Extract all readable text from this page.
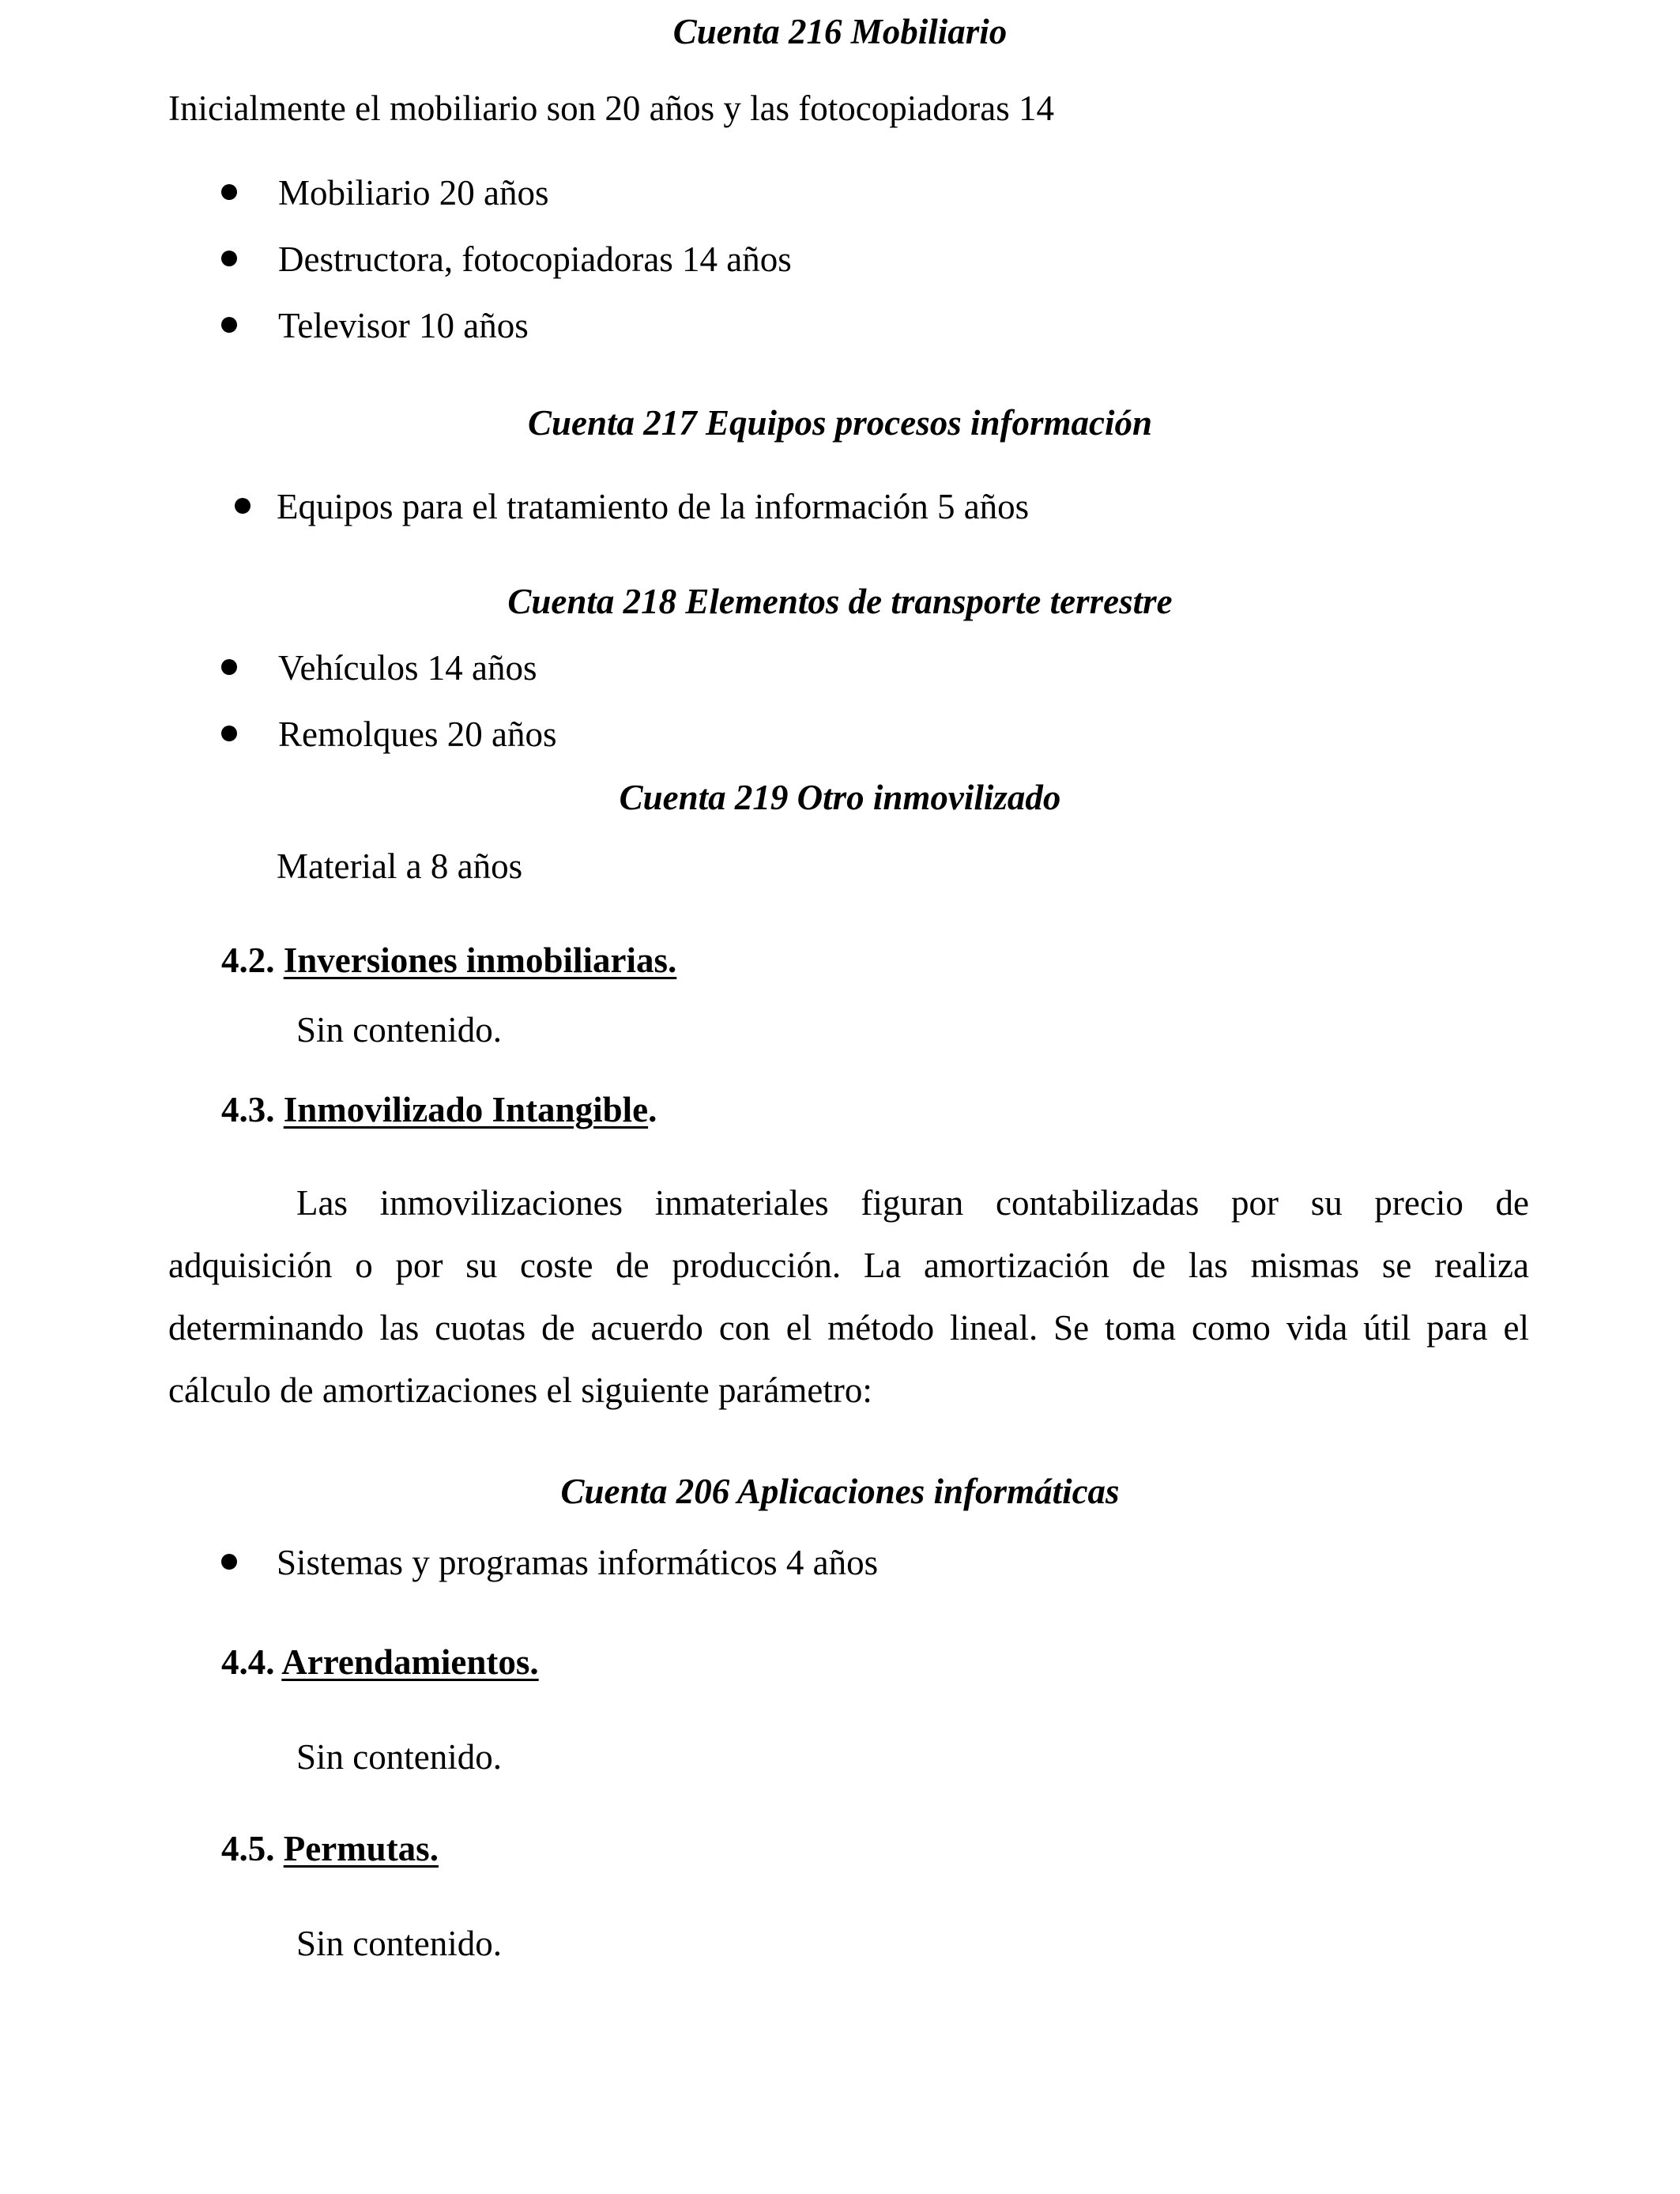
Cuenta 216 Mobiliario
Inicialmente el mobiliario son 20 años y las fotocopiadoras 14
Mobiliario 20 años
Destructora, fotocopiadoras 14 años
Televisor 10 años
Cuenta 217 Equipos procesos información
Equipos para el tratamiento de la información 5 años
Cuenta 218 Elementos de transporte terrestre
Vehículos 14 años
Remolques 20 años
Cuenta 219 Otro inmovilizado
Material a 8 años
4.2. Inversiones inmobiliarias.
Sin contenido.
4.3. Inmovilizado Intangible.
Las inmovilizaciones inmateriales figuran contabilizadas por su precio de
adquisición o por su coste de producción. La amortización de las mismas se realiza
determinando las cuotas de acuerdo con el método lineal. Se toma como vida útil para el
cálculo de amortizaciones el siguiente parámetro:
Cuenta 206 Aplicaciones informáticas
Sistemas y programas informáticos 4 años
4.4. Arrendamientos.
Sin contenido.
4.5. Permutas.
Sin contenido.
